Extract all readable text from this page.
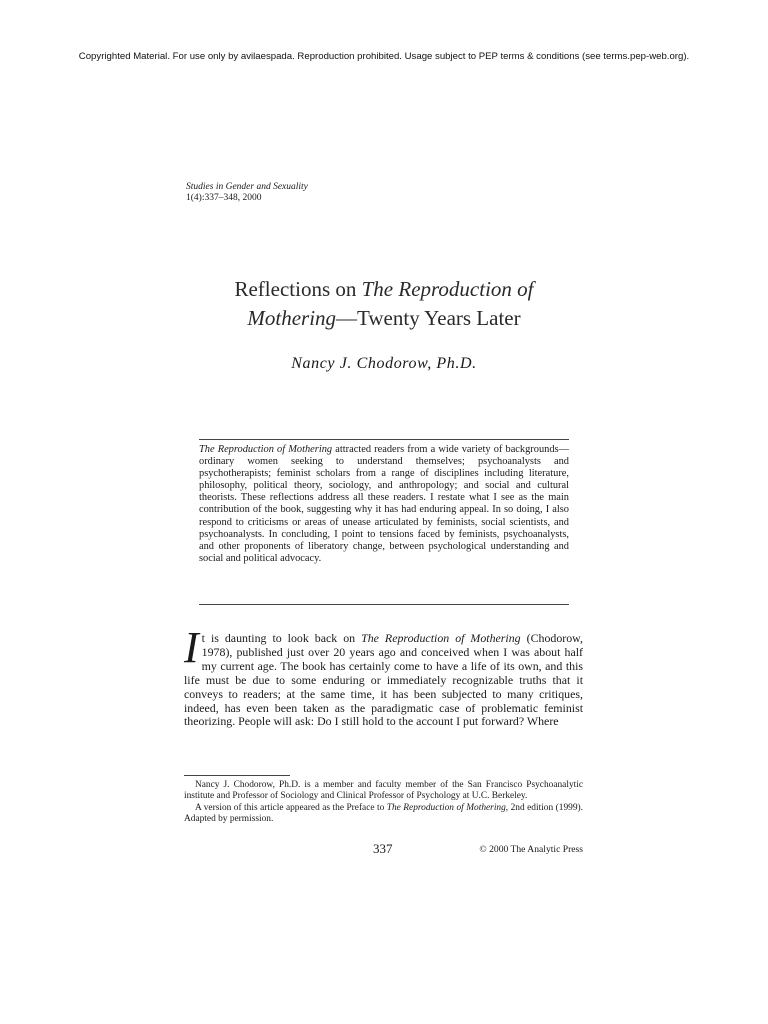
Copyrighted Material. For use only by avilaespada. Reproduction prohibited. Usage subject to PEP terms & conditions (see terms.pep-web.org).
Studies in Gender and Sexuality
1(4):337–348, 2000
Reflections on The Reproduction of
Mothering—Twenty Years Later
Nancy J. Chodorow, Ph.D.
The Reproduction of Mothering attracted readers from a wide variety of backgrounds—ordinary women seeking to understand themselves; psychoanalysts and psychotherapists; feminist scholars from a range of disciplines including literature, philosophy, political theory, sociology, and anthropology; and social and cultural theorists. These reflections address all these readers. I restate what I see as the main contribution of the book, suggesting why it has had enduring appeal. In so doing, I also respond to criticisms or areas of unease articulated by feminists, social scientists, and psychoanalysts. In concluding, I point to tensions faced by feminists, psychoanalysts, and other proponents of liberatory change, between psychological understanding and social and political advocacy.
It is daunting to look back on The Reproduction of Mothering (Chodorow, 1978), published just over 20 years ago and conceived when I was about half my current age. The book has certainly come to have a life of its own, and this life must be due to some enduring or immediately recognizable truths that it conveys to readers; at the same time, it has been subjected to many critiques, indeed, has even been taken as the paradigmatic case of problematic feminist theorizing. People will ask: Do I still hold to the account I put forward? Where

Nancy J. Chodorow, Ph.D. is a member and faculty member of the San Francisco Psychoanalytic institute and Professor of Sociology and Clinical Professor of Psychology at U.C. Berkeley.

A version of this article appeared as the Preface to The Reproduction of Mothering, 2nd edition (1999). Adapted by permission.

337	© 2000 The Analytic Press
